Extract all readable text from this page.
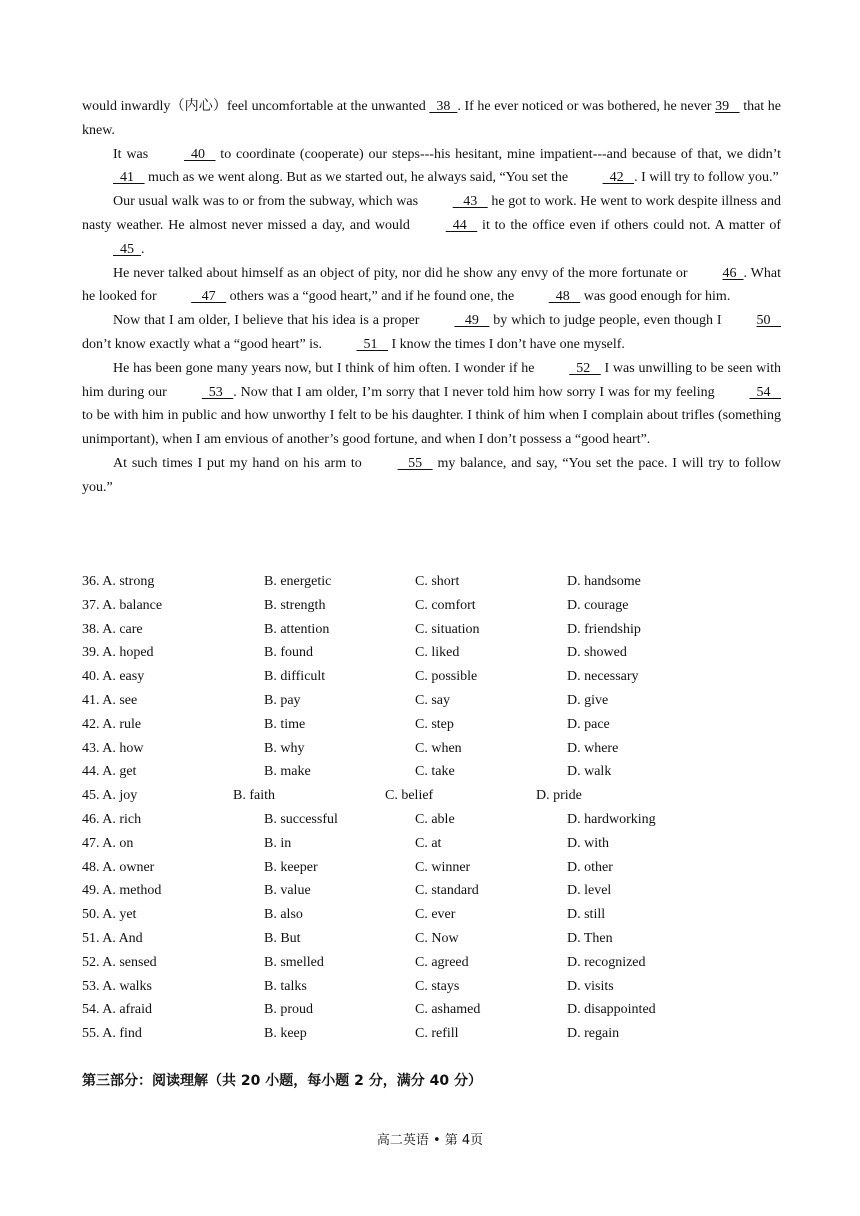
would inwardly（内心）feel uncomfortable at the unwanted   38  . If he ever noticed or was bothered, he never 39    that he knew.

It was	40    to coordinate (cooperate) our steps---his hesitant, mine impatient---and because of that, we didn’t   41    much as we went along. But as we started out, he always said, “You set the   42   . I will try to follow you.”

Our usual walk was to or from the subway, which was    43    he got to work. He went to work despite illness and nasty weather. He almost never missed a day, and would	44    it to the office even if others could not. A matter of   45  .

He never talked about himself as an object of pity, nor did he show any envy of the more fortunate or 46  . What he looked for    47    others was a “good heart,” and if he found one, the   48    was good enough for him.

Now that I am older, I believe that his idea is a proper    49    by which to judge people, even though I 50    don’t know exactly what a “good heart” is.   51    I know the times I don’t have one myself.

He has been gone many years now, but I think of him often. I wonder if he   52    I was unwilling to be seen with him during our   53   . Now that I am older, I’m sorry that I never told him how sorry I was for my feeling   54    to be with him in public and how unworthy I felt to be his daughter. I think of him when I complain about trifles (something unimportant), when I am envious of another’s good fortune, and when I don’t possess a “good heart”.

At such times I put my hand on his arm to	55    my balance, and say, “You set the pace. I will try to follow you.”

36. A. strong	B. energetic	C. short	D. handsome
37. A. balance	B. strength	C. comfort	D. courage
38. A. care	B. attention	C. situation	D. friendship
39. A. hoped	B. found	C. liked	D. showed
40. A. easy	B. difficult	C. possible	D. necessary
41. A. see	B. pay	C. say	D. give
42. A. rule	B. time	C. step	D. pace
43. A. how	B. why	C. when	D. where
44. A. get	B. make	C. take	D. walk
45. A. joy	B. faith	C. belief	D. pride
46. A. rich	B. successful	C. able	D. hardworking
47. A. on	B. in	C. at	D. with
48. A. owner	B. keeper	C. winner	D. other
49. A. method	B. value	C. standard	D. level
50. A. yet	B. also	C. ever	D. still
51. A. And	B. But	C. Now	D. Then
52. A. sensed	B. smelled	C. agreed	D. recognized
53. A. walks	B. talks	C. stays	D. visits
54. A. afraid	B. proud	C. ashamed	D. disappointed
55. A. find	B. keep	C. refill	D. regain
第三部分：阅读理解（共 20 小题，每小题 2 分，满分 40 分）
高二英语 • 第 4页
